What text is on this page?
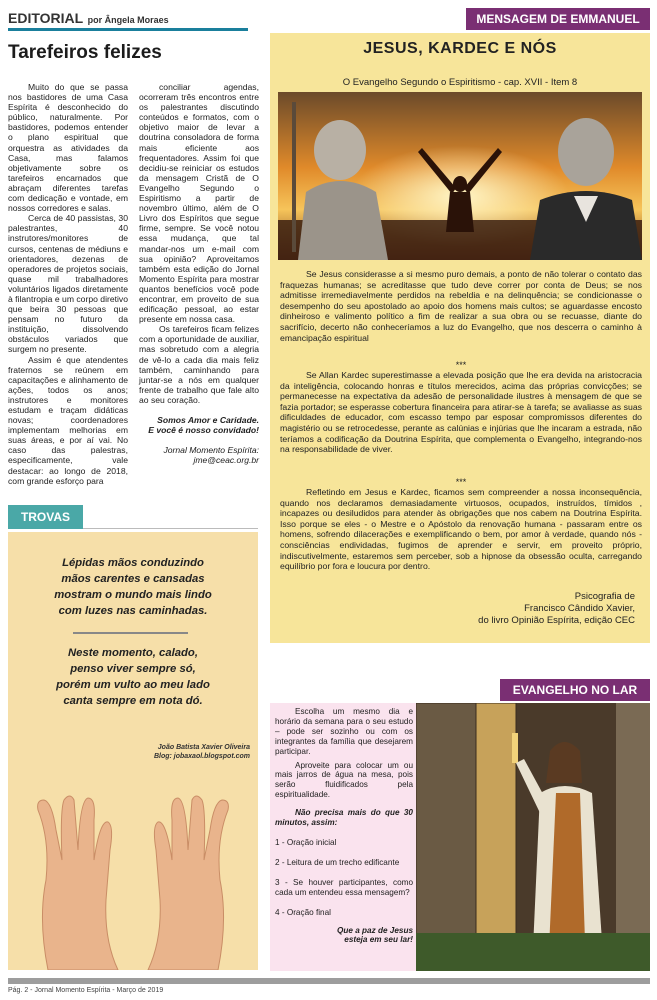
EDITORIAL por Ângela Moraes
Tarefeiros felizes

Muito do que se passa nos bastidores de uma Casa Espírita é desconhecido do público, naturalmente. Por bastidores, podemos entender o plano espiritual que orquestra as atividades da Casa, mas falamos objetivamente sobre os tarefeiros encarnados que abraçam diferentes tarefas com dedicação e vontade, em nossos corredores e salas.

Cerca de 40 passistas, 30 palestrantes, 40 instrutores/monitores de cursos, centenas de médiuns e orientadores, dezenas de operadores de projetos sociais, quase mil trabalhadores voluntários ligados diretamente à filantropia e um corpo diretivo que beira 30 pessoas que pensam no futuro da instituição, dissolvendo obstáculos variados que surgem no presente.

Assim é que atendentes fraternos se reúnem em capacitações e alinhamento de ações, todos os anos; instrutores e monitores estudam e traçam didáticas novas; coordenadores implementam melhorias em suas áreas, e por aí vai. No caso das palestras, especificamente, vale destacar: ao longo de 2018, com grande esforço para

conciliar agendas, ocorreram três encontros entre os palestrantes discutindo conteúdos e formatos, com o objetivo maior de levar a doutrina consoladora de forma mais eficiente aos frequentadores. Assim foi que decidiu-se reiniciar os estudos da mensagem Cristã de O Evangelho Segundo o Espiritismo a partir de novembro último, além de O Livro dos Espíritos que segue firme, sempre. Se você notou essa mudança, que tal mandar-nos um e-mail com sua opinião? Aproveitamos também esta edição do Jornal Momento Espírita para mostrar quantos benefícios você pode encontrar, em proveito de sua edificação pessoal, ao estar presente em nossa casa.

Os tarefeiros ficam felizes com a oportunidade de auxiliar, mas sobretudo com a alegria de vê-lo a cada dia mais feliz também, caminhando para juntar-se a nós em qualquer frente de trabalho que fale alto ao seu coração.

Somos Amor e Caridade.
E você é nosso convidado!
Jornal Momento Espírita:
jme@ceac.org.br
MENSAGEM DE EMMANUEL
JESUS, KARDEC E NÓS
O Evangelho Segundo o Espiritismo - cap. XVII - Item 8

Se Jesus considerasse a si mesmo puro demais, a ponto de não tolerar o contato das fraquezas humanas; se acreditasse que tudo deve correr por conta de Deus; se nos admitisse irremediavelmente perdidos na rebeldia e na delinquência; se condicionasse o desempenho do seu apostolado ao apoio dos homens mais cultos; se aguardasse encosto dinheiroso e valimento político a fim de realizar a sua obra ou se recuasse, diante do sacrifício, decerto não conheceríamos a luz do Evangelho, que nos descerra o caminho à emancipação espiritual

***

Se Allan Kardec superestimasse a elevada posição que lhe era devida na aristocracia da inteligência, colocando honras e títulos merecidos, acima das próprias convicções; se permanecesse na expectativa da adesão de personalidade ilustres à mensagem de que se fazia portador; se esperasse cobertura financeira para atirar-se à tarefa; se avaliasse as suas dificuldades de educador, com escasso tempo par esposar compromissos diferentes do magistério ou se retrocedesse, perante as calúnias e injúrias que lhe incaram a estrada, não teríamos a codificação da Doutrina Espírita, que complementa o Evangelho, integrando-nos na responsabilidade de viver.

***

Refletindo em Jesus e Kardec, ficamos sem compreender a nossa inconsequência, quando nos declaramos demasiadamente virtuosos, ocupados, instruídos, tímidos , incapazes ou desiludidos para atender às obrigações que nos cabem na Doutrina Espírita. Isso porque se eles - o Mestre e o Apóstolo da renovação humana - passaram entre os homens, sofrendo dilacerações e exemplificando o bem, por amor à verdade, quando nós - consciências endividadas, fugimos de aprender e servir, em proveito próprio, indiscutivelmente, estaremos sem perceber, sob a hipnose da obsessão oculta, carregando equilíbrio por fora e loucura por dentro.

Psicografia de
Francisco Cândido Xavier,
do livro Opinião Espírita, edição CEC
TROVAS
Lépidas mãos conduzindo
mãos carentes e cansadas
mostram o mundo mais lindo
com luzes nas caminhadas.
Neste momento, calado,
penso viver sempre só,
porém um vulto ao meu lado
canta sempre em nota dó.
João Batista Xavier Oliveira
Blog: jobaxaol.blogspot.com
EVANGELHO NO LAR

Escolha um mesmo dia e horário da semana para o seu estudo – pode ser sozinho ou com os integrantes da família que desejarem participar.

Aproveite para colocar um ou mais jarros de água na mesa, pois serão fluidificados pela espiritualidade.

Não precisa mais do que 30 minutos, assim:

1 - Oração inicial

2 - Leitura de um trecho edificante

3 - Se houver participantes, como cada um entendeu essa mensagem?

4 - Oração final

Que a paz de Jesus

esteja em seu lar!

Pág. 2 - Jornal Momento Espírita - Março de 2019
